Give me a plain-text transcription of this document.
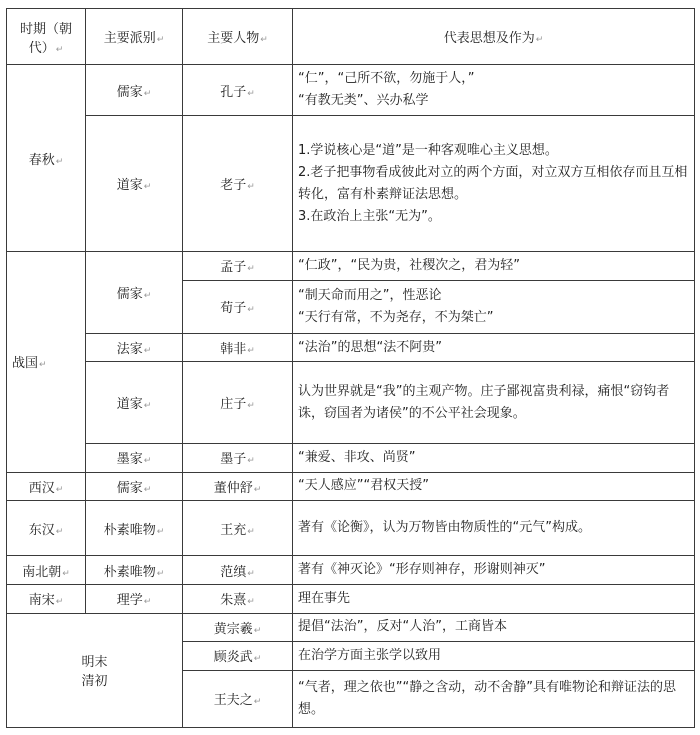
时期（朝代）↵	主要派别↵	主要人物↵	代表思想及作为↵
春秋↵	儒家↵	孔子↵	“仁”，“己所不欲，勿施于人，”
“有教无类”、兴办私学

	道家↵	老子↵	1.学说核心是“道”是一种客观唯心主义思想。
2.老子把事物看成彼此对立的两个方面，对立双方互相依存而且互相转化，富有朴素辩证法思想。
3.在政治上主张“无为”。

战国↵	儒家↵	孟子↵	“仁政”，“民为贵，社稷次之，君为轻”
		荀子↵	“制天命而用之”，性恶论
“天行有常，不为尧存，不为桀亡”

	法家↵	韩非↵	“法治”的思想“法不阿贵”
	道家↵	庄子↵	认为世界就是“我”的主观产物。庄子鄙视富贵利禄，痛恨“窃钩者诛，窃国者为诸侯”的不公平社会现象。
	墨家↵	墨子↵	“兼爱、非攻、尚贤”
西汉↵	儒家↵	董仲舒↵	“天人感应”“君权天授”
东汉↵	朴素唯物↵	王充↵	著有《论衡》，认为万物皆由物质性的“元气”构成。
南北朝↵	朴素唯物↵	范缜↵	著有《神灭论》“形存则神存，形谢则神灭”
南宋↵	理学↵	朱熹↵	理在事先

明末
清初		黄宗羲↵	提倡“法治”，反对“人治”，工商皆本
		顾炎武↵	在治学方面主张学以致用
		王夫之↵	“气者，理之依也”“静之含动，动不舍静”具有唯物论和辩证法的思想。
